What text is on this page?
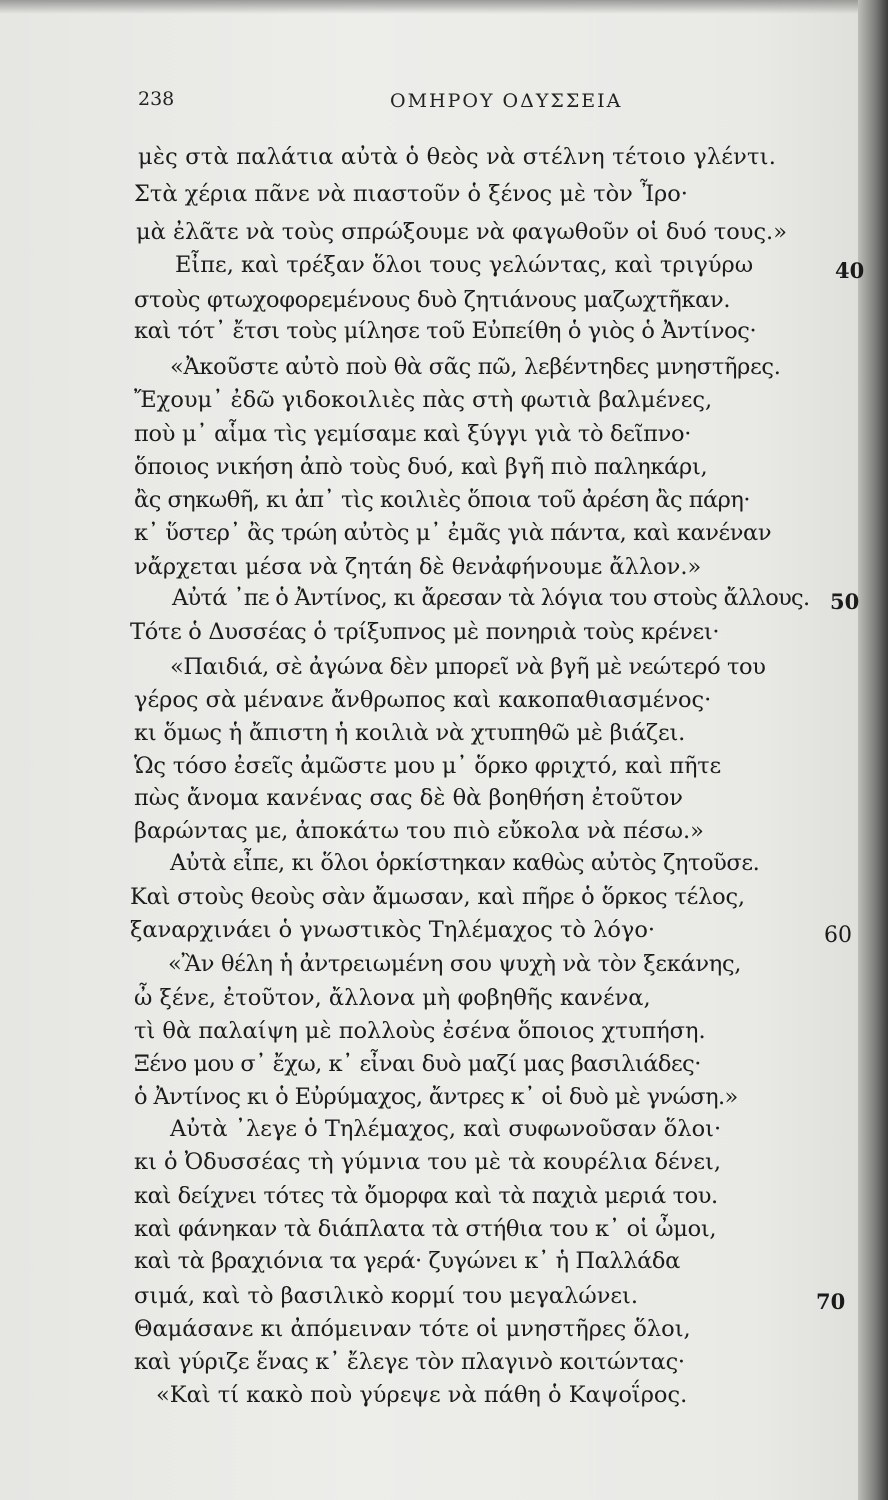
238	ΟΜΗΡΟΥ ΟΔΥΣΣΕΙΑ
μὲς στὰ παλάτια αὐτὰ ὁ θεὸς νὰ στέλνη τέτοιο γλέντι.
Στὰ χέρια πᾶνε νὰ πιαστοῦν ὁ ξένος μὲ τὸν Ἶρο·
μὰ ἐλᾶτε νὰ τοὺς σπρώξουμε νὰ φαγωθοῦν οἱ δυό τους.»
Εἶπε, καὶ τρέξαν ὅλοι τους γελώντας, καὶ τριγύρω
στοὺς φτωχοφορεμένους δυὸ ζητιάνους μαζωχτῆκαν.
καὶ τότ᾽ ἔτσι τοὺς μίλησε τοῦ Εὐπείθη ὁ γιὸς ὁ Ἀντίνος·
«Ἀκοῦστε αὐτὸ ποὺ θὰ σᾶς πῶ, λεβέντηδες μνηστῆρες.
Ἔχουμ᾽ ἐδῶ γιδοκοιλιὲς πὰς στὴ φωτιὰ βαλμένες,
ποὺ μ᾽ αἷμα τὶς γεμίσαμε καὶ ξύγγι γιὰ τὸ δεῖπνο·
ὅποιος νικήση ἀπὸ τοὺς δυό, καὶ βγῆ πιὸ παληκάρι,
ἂς σηκωθῆ, κι ἀπ᾽ τὶς κοιλιὲς ὅποια τοῦ ἀρέση ἂς πάρη·
κ᾽ ὕστερ᾽ ἂς τρώη αὐτὸς μ᾽ ἐμᾶς γιὰ πάντα, καὶ κανέναν
νἄρχεται μέσα νὰ ζητάη δὲ θενἀφήνουμε ἄλλον.»
Αὐτά ᾽πε ὁ Ἀντίνος, κι ἄρεσαν τὰ λόγια του στοὺς ἄλλους. 50
Τότε ὁ Δυσσέας ὁ τρίξυπνος μὲ πονηριὰ τοὺς κρένει·
«Παιδιά, σὲ ἀγώνα δὲν μπορεῖ νὰ βγῆ μὲ νεώτερό του
γέρος σὰ μένανε ἄνθρωπος καὶ κακοπαθιασμένος·
κι ὅμως ἡ ἄπιστη ἡ κοιλιὰ νὰ χτυπηθῶ μὲ βιάζει.
Ὡς τόσο ἐσεῖς ἀμῶστε μου μ᾽ ὅρκο φριχτό, καὶ πῆτε
πὼς ἄνομα κανένας σας δὲ θὰ βοηθήση ἐτοῦτον
βαρώντας με, ἀποκάτω του πιὸ εὔκολα νὰ πέσω.»
Αὐτὰ εἶπε, κι ὅλοι ὁρκίστηκαν καθὼς αὐτὸς ζητοῦσε.
Καὶ στοὺς θεοὺς σὰν ἄμωσαν, καὶ πῆρε ὁ ὅρκος τέλος,
ξαναρχινάει ὁ γνωστικὸς Τηλέμαχος τὸ λόγο·	60
«Ἂν θέλη ἡ ἀντρειωμένη σου ψυχὴ νὰ τὸν ξεκάνης,
ὦ ξένε, ἐτοῦτον, ἄλλονα μὴ φοβηθῆς κανένα,
τὶ θὰ παλαίψη μὲ πολλοὺς ἐσένα ὅποιος χτυπήση.
Ξένο μου σ᾽ ἔχω, κ᾽ εἶναι δυὸ μαζί μας βασιλιάδες·
ὁ Ἀντίνος κι ὁ Εὐρύμαχος, ἄντρες κ᾽ οἱ δυὸ μὲ γνώση.»
Αὐτὰ ᾽λεγε ὁ Τηλέμαχος, καὶ συφωνοῦσαν ὅλοι·
κι ὁ Ὀδυσσέας τὴ γύμνια του μὲ τὰ κουρέλια δένει,
καὶ δείχνει τότες τὰ ὄμορφα καὶ τὰ παχιὰ μεριά του.
καὶ φάνηκαν τὰ διάπλατα τὰ στήθια του κ᾽ οἱ ὦμοι,
καὶ τὰ βραχιόνια τα γερά· ζυγώνει κ᾽ ἡ Παλλάδα
σιμά, καὶ τὸ βασιλικὸ κορμί του μεγαλώνει.	70
Θαμάσανε κι ἀπόμειναν τότε οἱ μνηστῆρες ὅλοι,
καὶ γύριζε ἕνας κ᾽ ἔλεγε τὸν πλαγινὸ κοιτώντας·
«Καὶ τί κακὸ ποὺ γύρεψε νὰ πάθη ὁ Καψοΐρος.
40
